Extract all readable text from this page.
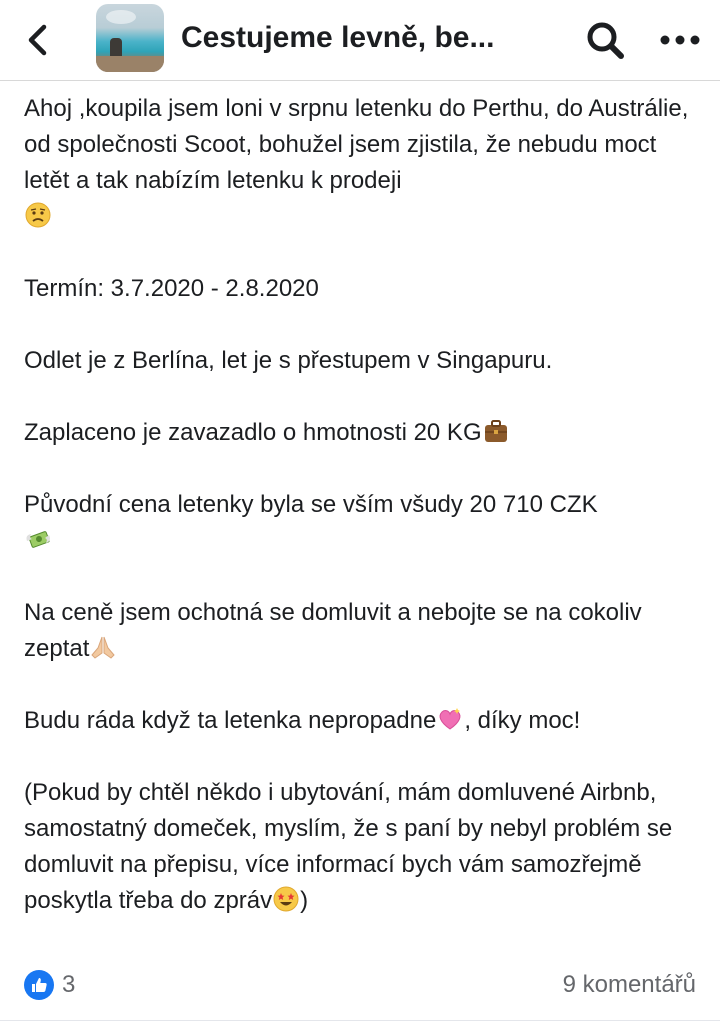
Cestujeme levně, be...

Ahoj ,koupila jsem loni v srpnu letenku do Perthu, do Austrálie, od společnosti Scoot, bohužel jsem zjistila, že nebudu moct letět a tak nabízím letenku k prodeji

Termín: 3.7.2020 - 2.8.2020

Odlet je z Berlína, let je s přestupem v Singapuru.

Zaplaceno je zavazadlo o hmotnosti 20 KG

Původní cena letenky byla se vším všudy 20 710 CZK

Na ceně jsem ochotná se domluvit a nebojte se na cokoliv zeptat

Budu ráda když ta letenka nepropadne , díky moc!

(Pokud by chtěl někdo i ubytování, mám domluvené Airbnb, samostatný domeček, myslím, že s paní by nebyl problém se domluvit na přepisu, více informací bych vám samozřejmě poskytla třeba do zpráv )

3	9 komentářů
